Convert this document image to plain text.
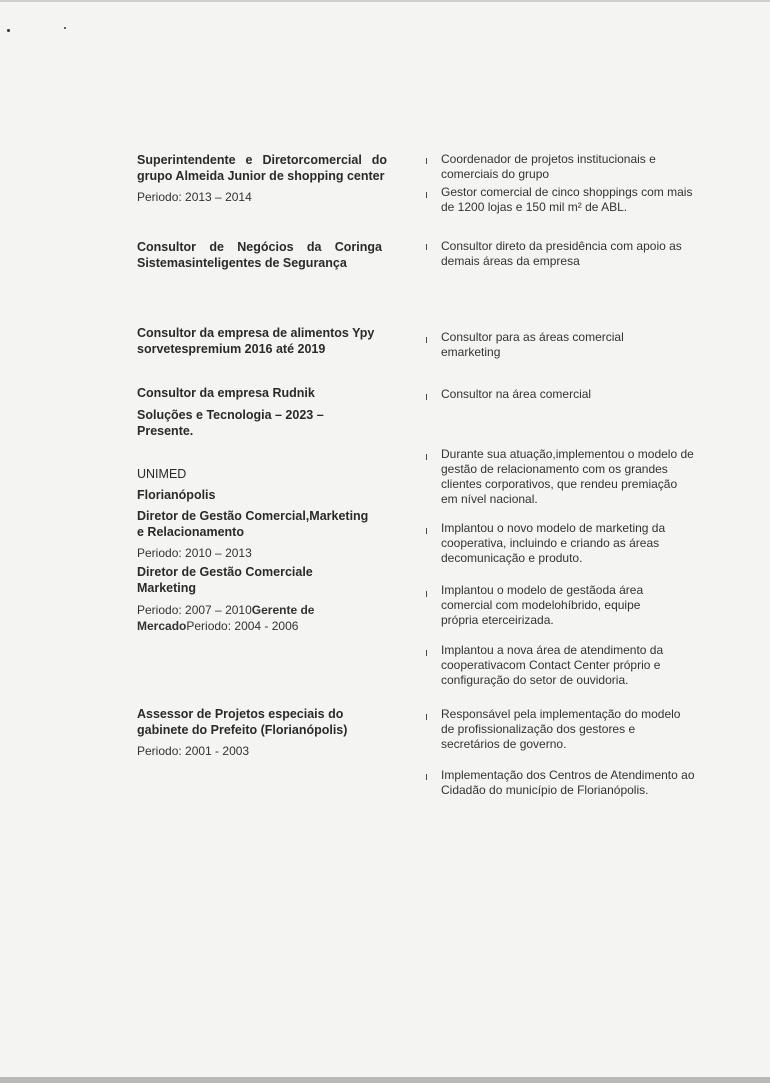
Superintendente e Diretorcomercial do grupo Almeida Junior de shopping center
Periodo: 2013 – 2014
Consultor de Negócios da Coringa Sistemasinteligentes de Segurança
Consultor da empresa de alimentos Ypy sorvetespremium 2016 até 2019
Consultor da empresa Rudnik
Soluções e Tecnologia – 2023 – Presente.
UNIMED
Florianópolis
Diretor de Gestão Comercial,Marketing e Relacionamento
Periodo: 2010 – 2013
Diretor de Gestão Comerciale Marketing
Periodo: 2007 – 2010Gerente de MercadoPeriodo: 2004 - 2006
Assessor de Projetos especiais do gabinete do Prefeito (Florianópolis)
Periodo: 2001 - 2003
ı Coordenador de projetos institucionais e comerciais do grupo
ı Gestor comercial de cinco shoppings com mais de 1200 lojas e 150 mil m² de ABL.
ı Consultor direto da presidência com apoio as demais áreas da empresa
ı Consultor para as áreas comercial emarketing
ı Consultor na área comercial
ı Durante sua atuação,implementou o modelo de gestão de relacionamento com os grandes clientes corporativos, que rendeu premiação em nível nacional.
ı Implantou o novo modelo de marketing da cooperativa, incluindo e criando as áreas decomunicação e produto.
ı Implantou o modelo de gestãoda área comercial com modelohíbrido, equipe própria eterceirizada.
ı Implantou a nova área de atendimento da cooperativacom Contact Center próprio e configuração do setor de ouvidoria.
ı Responsável pela implementação do modelo de profissionalização dos gestores e secretários de governo.
ı Implementação dos Centros de Atendimento ao Cidadão do município de Florianópolis.
